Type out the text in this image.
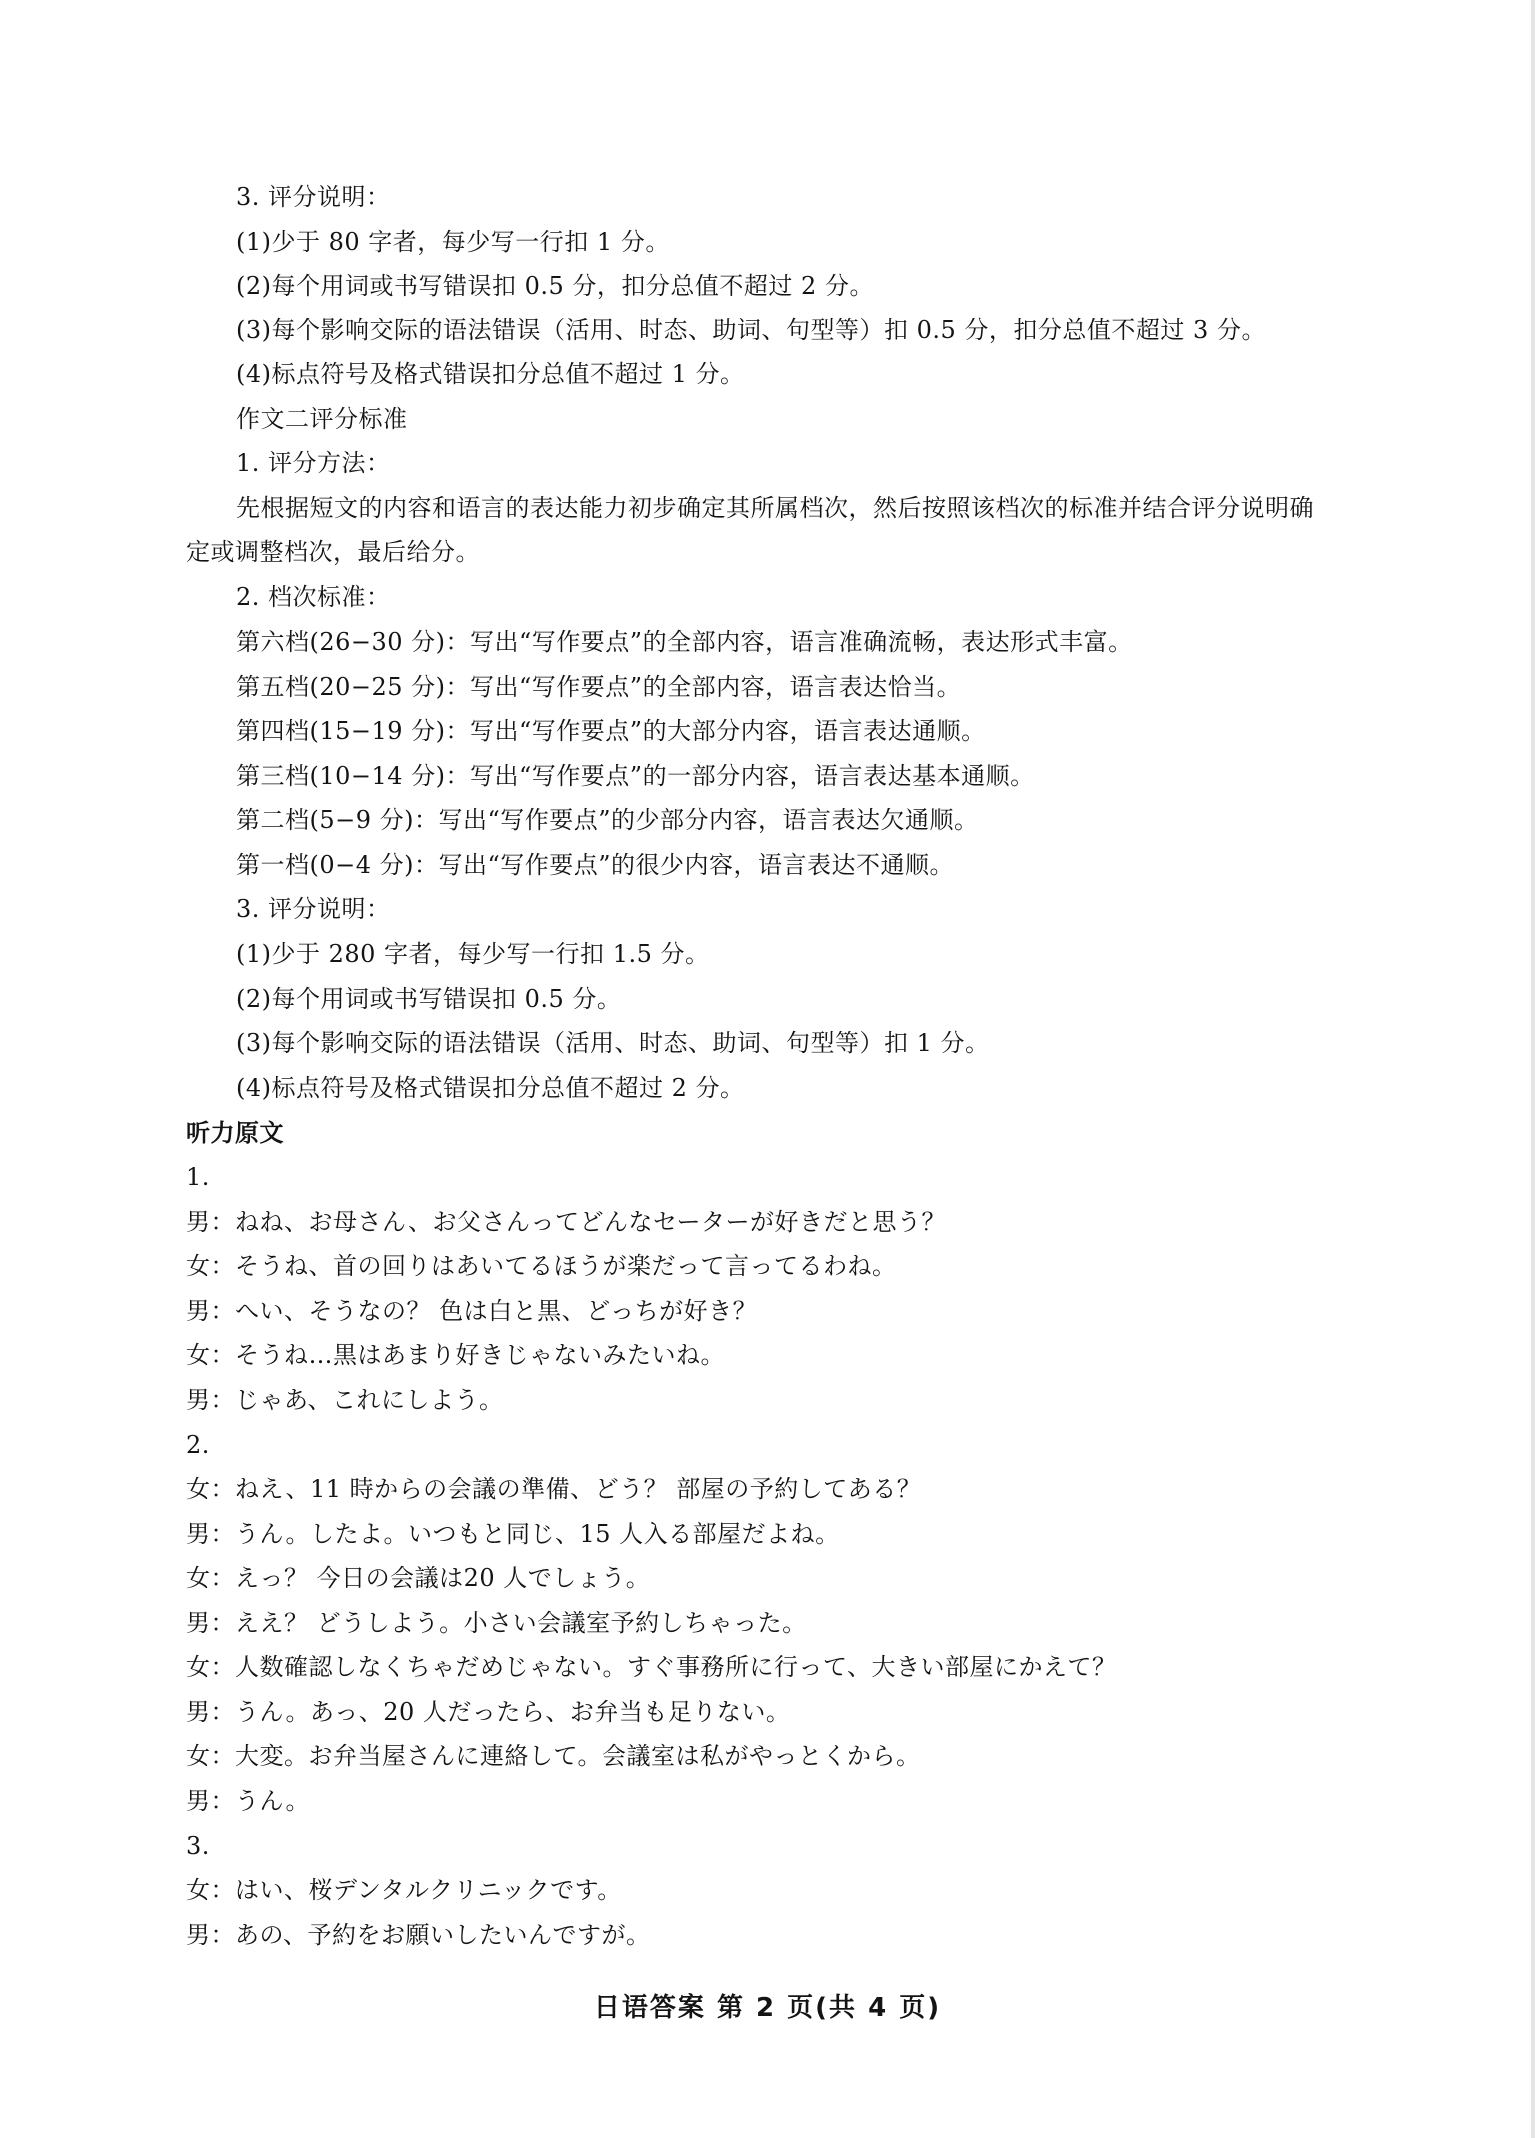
3. 评分说明：
(1)少于 80 字者，每少写一行扣 1 分。
(2)每个用词或书写错误扣 0.5 分，扣分总值不超过 2 分。
(3)每个影响交际的语法错误（活用、时态、助词、句型等）扣 0.5 分，扣分总值不超过 3 分。
(4)标点符号及格式错误扣分总值不超过 1 分。
作文二评分标准
1. 评分方法：
先根据短文的内容和语言的表达能力初步确定其所属档次，然后按照该档次的标准并结合评分说明确
定或调整档次，最后给分。
2. 档次标准：
第六档(26−30 分)：写出“写作要点”的全部内容，语言准确流畅，表达形式丰富。
第五档(20−25 分)：写出“写作要点”的全部内容，语言表达恰当。
第四档(15−19 分)：写出“写作要点”的大部分内容，语言表达通顺。
第三档(10−14 分)：写出“写作要点”的一部分内容，语言表达基本通顺。
第二档(5−9 分)：写出“写作要点”的少部分内容，语言表达欠通顺。
第一档(0−4 分)：写出“写作要点”的很少内容，语言表达不通顺。
3. 评分说明：
(1)少于 280 字者，每少写一行扣 1.5 分。
(2)每个用词或书写错误扣 0.5 分。
(3)每个影响交际的语法错误（活用、时态、助词、句型等）扣 1 分。
(4)标点符号及格式错误扣分总值不超过 2 分。
听力原文
1.
男：ねね、お母さん、お父さんってどんなセーターが好きだと思う？
女：そうね、首の回りはあいてるほうが楽だって言ってるわね。
男：へい、そうなの？ 色は白と黒、どっちが好き？
女：そうね…黒はあまり好きじゃないみたいね。
男：じゃあ、これにしよう。
2.
女：ねえ、11 時からの会議の準備、どう？ 部屋の予約してある？
男：うん。したよ。いつもと同じ、15 人入る部屋だよね。
女：えっ？ 今日の会議は20 人でしょう。
男：ええ？ どうしよう。小さい会議室予約しちゃった。
女：人数確認しなくちゃだめじゃない。すぐ事務所に行って、大きい部屋にかえて？
男：うん。あっ、20 人だったら、お弁当も足りない。
女：大変。お弁当屋さんに連絡して。会議室は私がやっとくから。
男：うん。
3.
女：はい、桜デンタルクリニックです。
男：あの、予約をお願いしたいんですが。
日语答案 第 2 页(共 4 页)
